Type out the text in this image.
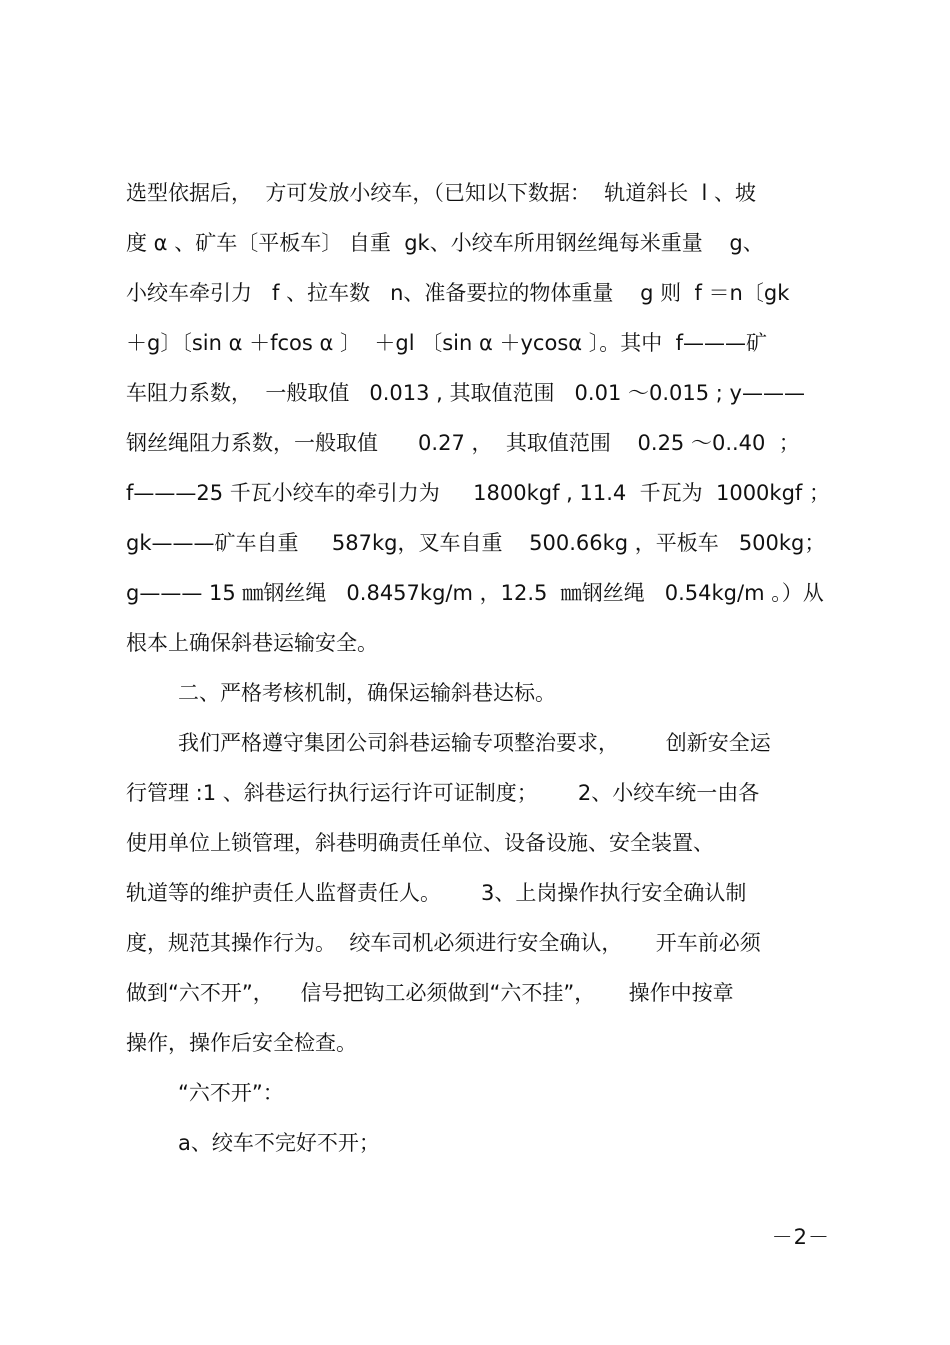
选型依据后，  方可发放小绞车，（已知以下数据：  轨道斜长  l 、坡
度 α 、矿车〔平板车〕 自重  gk、小绞车所用钢丝绳每米重量    g、
小绞车牵引力   f 、拉车数   n、准备要拉的物体重量    g 则  f ＝n〔gk
＋g〕〔sin α ＋fcos α 〕  ＋gl 〔sin α ＋ycosα 〕。其中  f———矿
车阻力系数，  一般取值   0.013 , 其取值范围   0.01 ～0.015 ; y———
钢丝绳阻力系数，一般取值      0.27 ，  其取值范围    0.25 ～0..40  ；
f———25 千瓦小绞车的牵引力为     1800kgf , 11.4  千瓦为  1000kgf ；
gk———矿车自重     587kg，叉车自重    500.66kg ，平板车   500kg；
g——— 15 ㎜钢丝绳   0.8457kg/m ，12.5  ㎜钢丝绳   0.54kg/m 。）从
根本上确保斜巷运输安全。
二、严格考核机制，确保运输斜巷达标。
我们严格遵守集团公司斜巷运输专项整治要求，       创新安全运
行管理 :1 、斜巷运行执行运行许可证制度；      2、小绞车统一由各
使用单位上锁管理，斜巷明确责任单位、设备设施、安全装置、
轨道等的维护责任人监督责任人。      3、上岗操作执行安全确认制
度，规范其操作行为。  绞车司机必须进行安全确认，     开车前必须
做到“六不开”，    信号把钩工必须做到“六不挂”，     操作中按章
操作，操作后安全检查。
“六不开”：
a、绞车不完好不开；
－2－
